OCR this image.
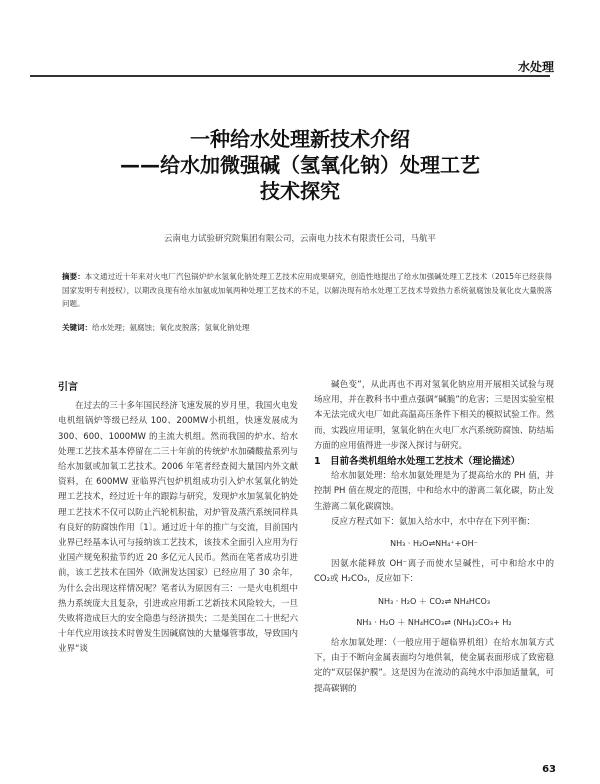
水处理

一种给水处理新技术介绍

——给水加微强碱（氢氧化钠）处理工艺

技术探究

云南电力试验研究院集团有限公司，云南电力技术有限责任公司，马航平
摘要：本文通过近十年来对火电厂汽包锅炉炉水氢氧化钠处理工艺技术应用成果研究，创造性地提出了给水加强碱处理工艺技术（2015年已经获得国家发明专利授权），以期改良现有给水加氨成加氧两种处理工艺技术的不足，以解决现有给水处理工艺技术导致热力系统氨腐蚀及氧化皮大量脱落问题。
关键词：给水处理；氨腐蚀；氧化皮脱落；氢氧化钠处理

引言

在过去的三十多年国民经济飞速发展的岁月里，我国火电发电机组锅炉等级已经从 100、200MW小机组，快速发展成为 300、600、1000MW 的主流大机组。然而我国的炉水、给水处理工艺技术基本停留在二三十年前的传统炉水加磷酸盐系列与给水加氨或加氧工艺技术。2006 年笔者经查阅大量国内外文献资料，在 600MW 亚临界汽包炉机组成功引入炉水氢氧化钠处理工艺技术，经过近十年的跟踪与研究，发现炉水加氢氧化钠处理工艺技术不仅可以防止汽轮机积盐，对炉管及蒸汽系统同样具有良好的防腐蚀作用〔1〕。通过近十年的推广与交流，目前国内业界已经基本认可与接纳该工艺技术，该技术全面引入应用为行业国产规免积盐节约近 20 多亿元人民币。然而在笔者成功引进前，该工艺技术在国外（欧洲发达国家）已经应用了 30 余年，为什么会出现这样情况呢？笔者认为原因有三：一是火电机组中热力系统庞大且复杂，引进或应用新工艺新技术风险较大，一旦失败将造成巨大的安全隐患与经济损失；二是美国在二十世纪六十年代应用该技术时曾发生因碱腐蚀的大量爆管事故，导致国内业界“谈

碱色变”，从此再也不再对氢氧化钠应用开展相关试验与现场应用，并在教科书中重点强调“碱脆”的危害；三是因实验室根本无法完成火电厂如此高温高压条件下相关的模拟试验工作。然而，实践应用证明，氢氧化钠在火电厂水汽系统防腐蚀、防结垢方面的应用值得进一步深入探讨与研究。

1　目前各类机组给水处理工艺技术（理论描述）

给水加氨处理：给水加氨处理是为了提高给水的 PH 值，并控制 PH 值在规定的范围，中和给水中的游离二氧化碳，防止发生游离二氧化碳腐蚀。

反应方程式如下：氨加入给水中，水中存在下列平衡：

NH₃ · H₂O⇌NH₄⁺+OH⁻

因氨水能释放 OH⁻离子而使水呈碱性，可中和给水中的 CO₂或 H₂CO₃，反应如下：

NH₃ · H₂O ＋ CO₂⇌ NH₄HCO₃

NH₃ · H₂O ＋ NH₄HCO₃⇌ (NH₄)₂CO₃+ H₂

给水加氧处理：（一般应用于超临界机组）在给水加氧方式下，由于不断向金属表面均匀地供氧，使金属表面形成了致密稳定的“双层保护膜”。这是因为在流动的高纯水中添加适量氧，可提高碳钢的

63
